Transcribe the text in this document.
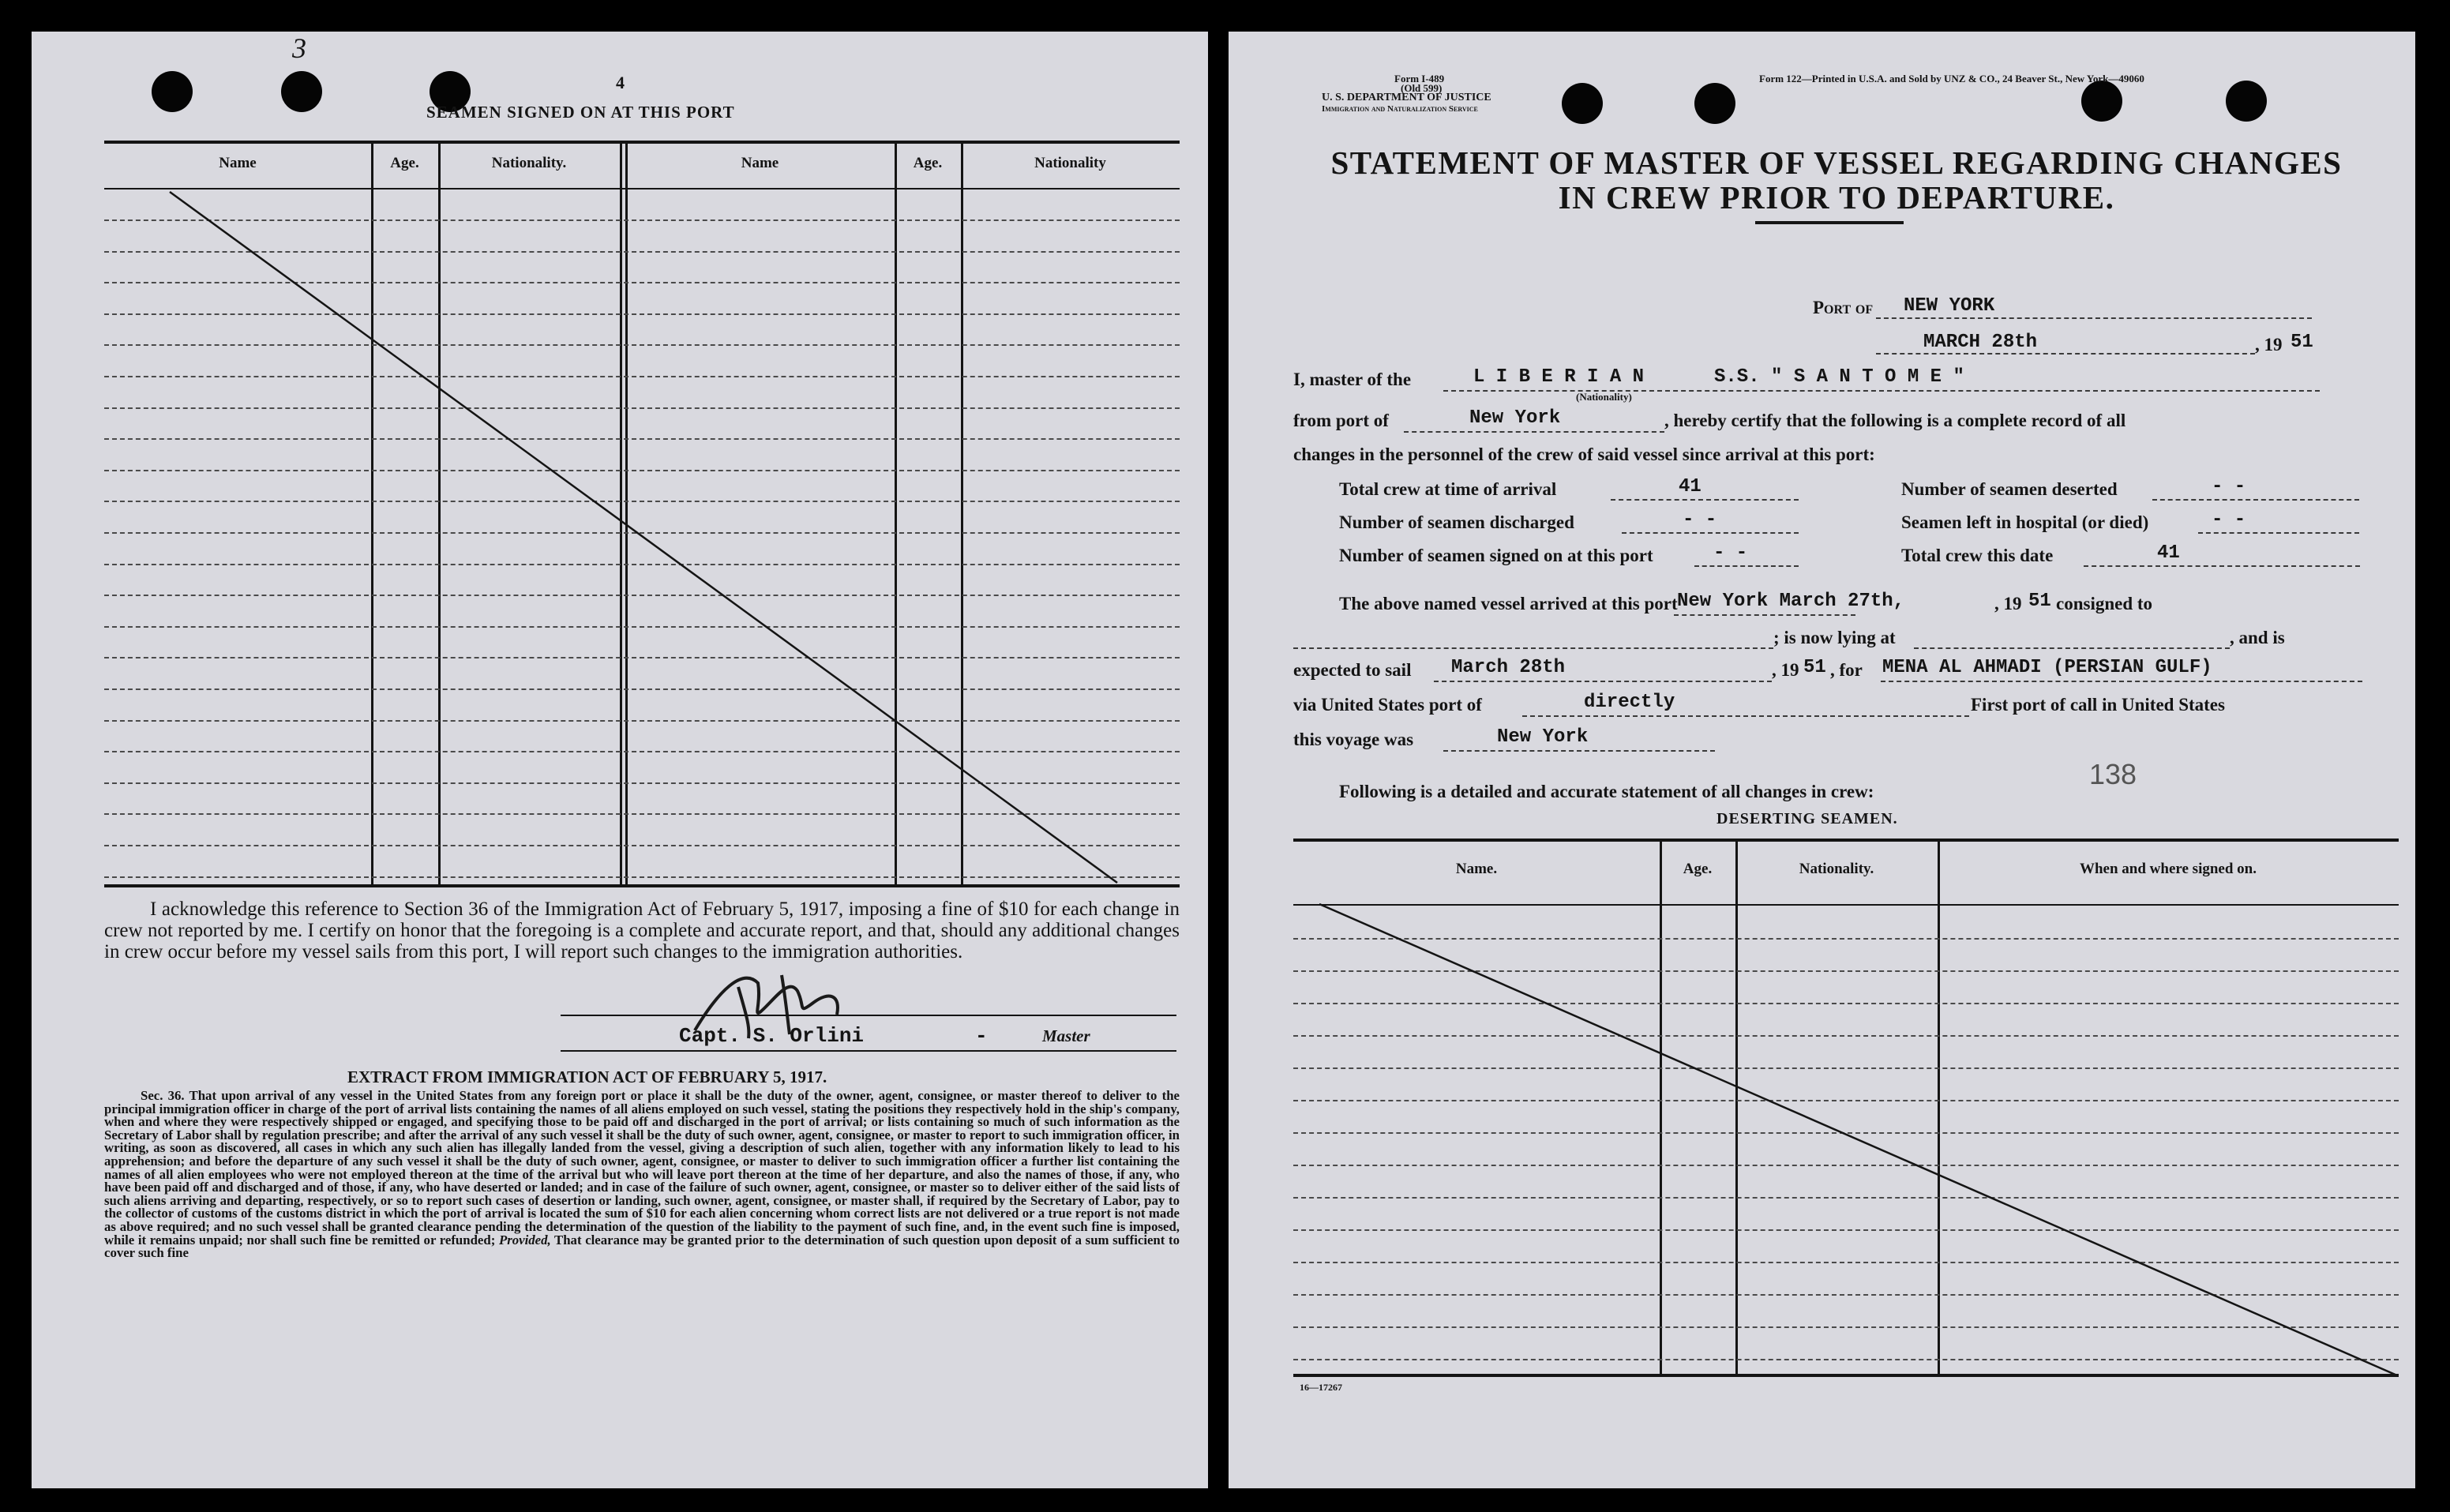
3
4
SEAMEN SIGNED ON AT THIS PORT
Name	Age.	Nationality.	Name	Age.	Nationality
I acknowledge this reference to Section 36 of the Immigration Act of February 5, 1917, imposing a fine of $10 for each change in crew not reported by me. I certify on honor that the foregoing is a complete and accurate report, and that, should any additional changes in crew occur before my vessel sails from this port, I will report such changes to the immigration authorities.
Capt. S. Orlini	-	Master
EXTRACT FROM IMMIGRATION ACT OF FEBRUARY 5, 1917.
Sec. 36. That upon arrival of any vessel in the United States from any foreign port or place it shall be the duty of the owner, agent, consignee, or master thereof to deliver to the principal immigration officer in charge of the port of arrival lists containing the names of all aliens employed on such vessel, stating the positions they respectively hold in the ship's company, when and where they were respectively shipped or engaged, and specifying those to be paid off and discharged in the port of arrival; or lists containing so much of such information as the Secretary of Labor shall by regulation prescribe; and after the arrival of any such vessel it shall be the duty of such owner, agent, consignee, or master to report to such immigration officer, in writing, as soon as discovered, all cases in which any such alien has illegally landed from the vessel, giving a description of such alien, together with any information likely to lead to his apprehension; and before the departure of any such vessel it shall be the duty of such owner, agent, consignee, or master to deliver to such immigration officer a further list containing the names of all alien employees who were not employed thereon at the time of the arrival but who will leave port thereon at the time of her departure, and also the names of those, if any, who have been paid off and discharged and of those, if any, who have deserted or landed; and in case of the failure of such owner, agent, consignee, or master so to deliver either of the said lists of such aliens arriving and departing, respectively, or so to report such cases of desertion or landing, such owner, agent, consignee, or master shall, if required by the Secretary of Labor, pay to the collector of customs of the customs district in which the port of arrival is located the sum of $10 for each alien concerning whom correct lists are not delivered or a true report is not made as above required; and no such vessel shall be granted clearance pending the determination of the question of the liability to the payment of such fine, and, in the event such fine is imposed, while it remains unpaid; nor shall such fine be remitted or refunded; Provided, That clearance may be granted prior to the determination of such question upon deposit of a sum sufficient to cover such fine
Form I-489
(Old 599)
U. S. DEPARTMENT OF JUSTICE
Immigration and Naturalization Service
Form 122—Printed in U.S.A. and Sold by UNZ & CO., 24 Beaver St., New York—49060
STATEMENT OF MASTER OF VESSEL REGARDING CHANGES
IN CREW PRIOR TO DEPARTURE.
Port of NEW YORK
MARCH 28th	, 19 51
I, master of the	L I B E R I A N
(Nationality)
S.S. " S A N T O M E "
from port of	New York	, hereby certify that the following is a complete record of all
changes in the personnel of the crew of said vessel since arrival at this port:
Total crew at time of arrival	41	Number of seamen deserted	- -
Number of seamen discharged	- -	Seamen left in hospital (or died)	- -
Number of seamen signed on at this port	- -	Total crew this date	41
The above named vessel arrived at this port New York March 27th,	, 19 51 consigned to
; is now lying at	, and is
expected to sail March 28th	, 19 51 , for MENA AL AHMADI (PERSIAN GULF)
via United States port of	directly	First port of call in United States
this voyage was	New York
138
Following is a detailed and accurate statement of all changes in crew:
DESERTING SEAMEN.
Name.	Age.	Nationality.	When and where signed on.
16—17267
